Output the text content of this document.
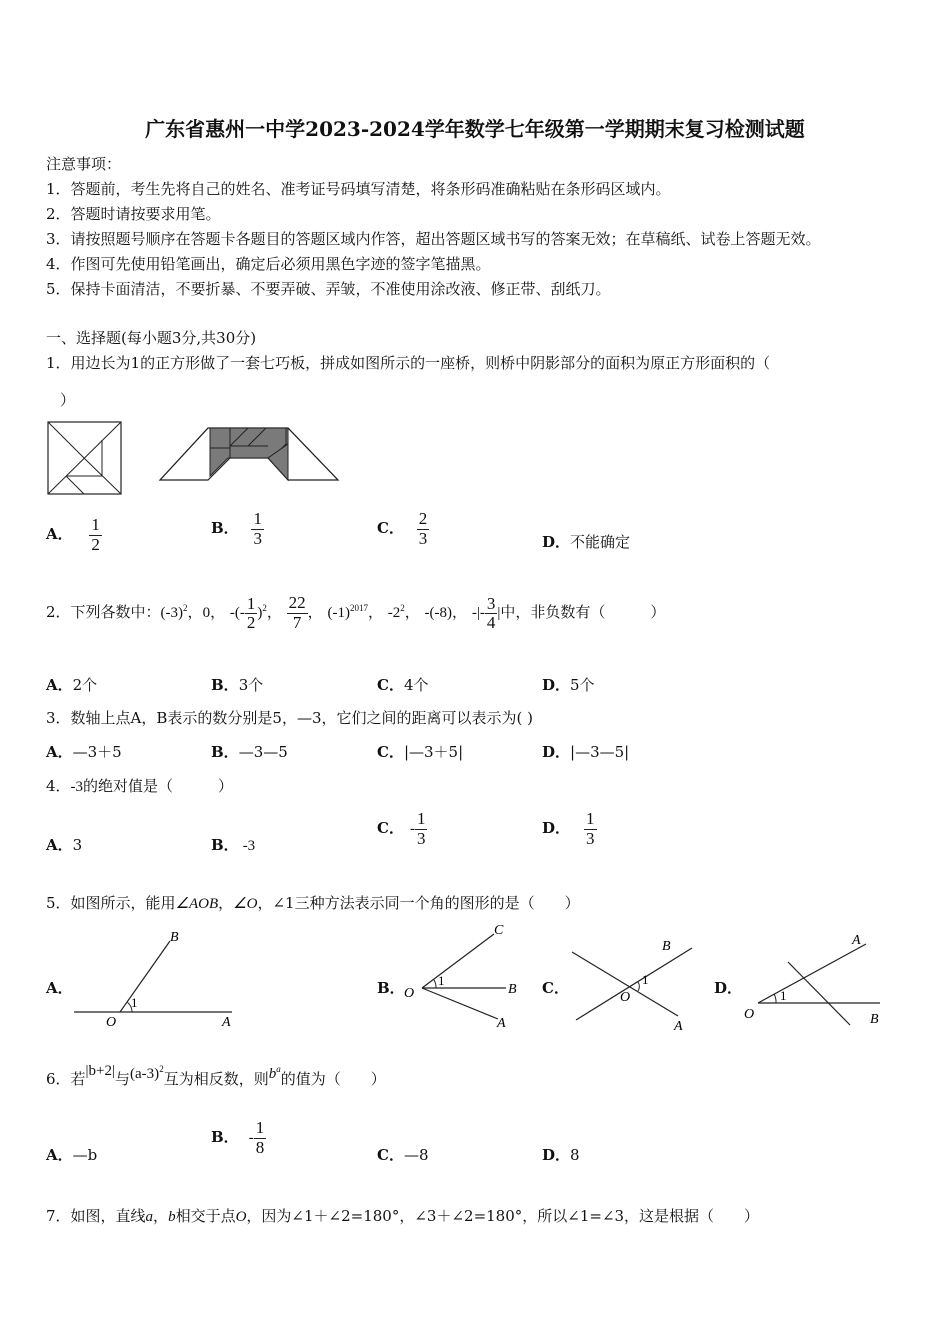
广东省惠州一中学2023-2024学年数学七年级第一学期期末复习检测试题
注意事项：
1．答题前，考生先将自己的姓名、准考证号码填写清楚，将条形码准确粘贴在条形码区域内。
2．答题时请按要求用笔。
3．请按照题号顺序在答题卡各题目的答题区域内作答，超出答题区域书写的答案无效；在草稿纸、试卷上答题无效。
4．作图可先使用铅笔画出，确定后必须用黑色字迹的签字笔描黑。
5．保持卡面清洁，不要折暴、不要弄破、弄皱，不准使用涂改液、修正带、刮纸刀。
一、选择题(每小题3分,共30分)
1．用边长为1的正方形做了一套七巧板，拼成如图所示的一座桥，则桥中阴影部分的面积为原正方形面积的（
）
A． $\frac{1}{2}$	B． $\frac{1}{3}$	C． $\frac{2}{3}$	D．不能确定
2．下列各数中：$(-3)^2$，0， -(- $\frac{1}{2} )^2$， $\frac{22}{7}$ ， $(-1)^{2017}$， $-2^2$， -(-8)， -|- $\frac{3}{4}$ |中，非负数有（　　　）
A．2个	B．3个	C．4个	D．5个
3．数轴上点A，B表示的数分别是5，—3，它们之间的距离可以表示为( )
A．—3＋5	B．—3—5	C．|—3＋5|	D．|—3—5|
4．-3的绝对值是（　　　）
A．3	B． -3
C． - $\frac{1}{3}$	D． $\frac{1}{3}$
5．如图所示，能用∠AOB，∠O，∠1三种方法表示同一个角的图形的是（　　）
A．
B
O	A
1
B．
C
B
A
O
1	C．
B
A
O
1	D．
A
B
O
1
6．若|b+2|与$(a-3)^2$互为相反数，则$b^a$的值为（　　）
A．—b
B． - $\frac{1}{8}$	C．—8	D．8
7．如图，直线a，b相交于点O，因为∠1＋∠2=180°，∠3＋∠2=180°，所以∠1=∠3，这是根据（　　）
